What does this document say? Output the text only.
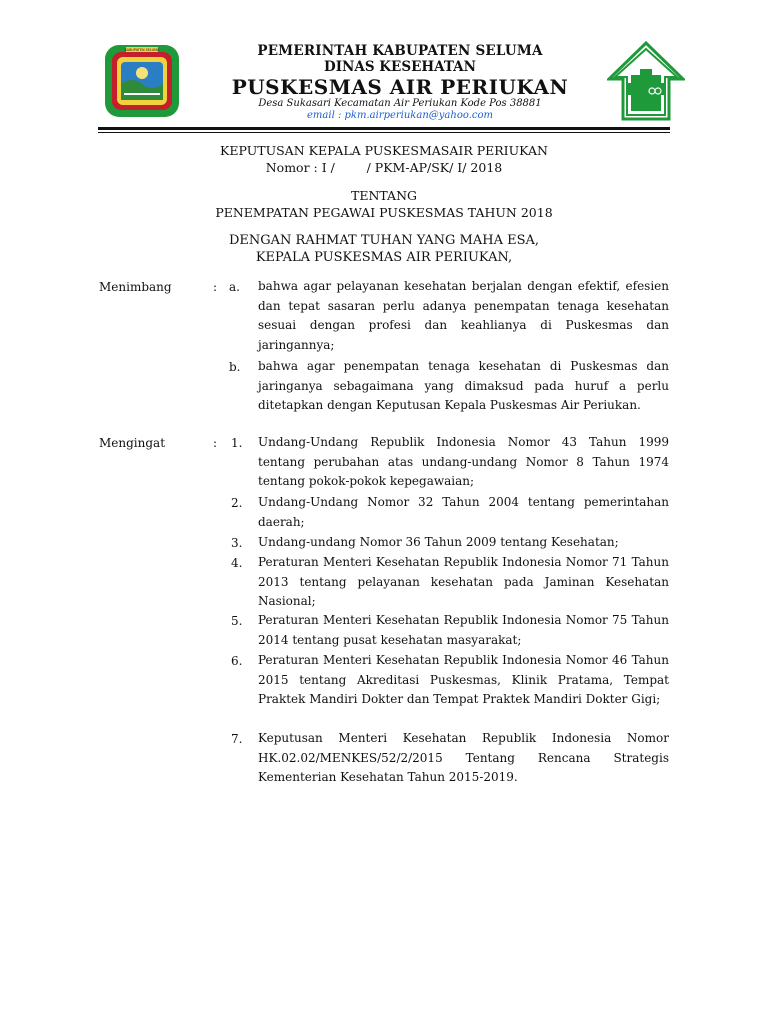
KABUPATEN SELUMA	PEMERINTAH KABUPATEN SELUMA
DINAS KESEHATAN
PUSKESMAS AIR PERIUKAN
Desa Sukasari Kecamatan Air Periukan Kode Pos 38881
email : pkm.airperiukan@yahoo.com
KEPUTUSAN KEPALA PUSKESMASAIR PERIUKAN
Nomor : I /        / PKM-AP/SK/ I/ 2018
TENTANG
PENEMPATAN PEGAWAI PUSKESMAS TAHUN 2018
DENGAN RAHMAT TUHAN YANG MAHA ESA,
KEPALA PUSKESMAS AIR PERIUKAN,
Menimbang	: a. bahwa agar pelayanan kesehatan berjalan dengan efektif, efesien dan tepat sasaran perlu adanya penempatan tenaga kesehatan sesuai dengan profesi dan keahlianya di Puskesmas dan jaringannya;
b. bahwa agar penempatan tenaga kesehatan di Puskesmas dan jaringanya sebagaimana yang dimaksud pada huruf a perlu ditetapkan dengan Keputusan Kepala Puskesmas Air Periukan.
Mengingat	: 1. Undang-Undang Republik Indonesia Nomor 43 Tahun 1999 tentang perubahan atas undang-undang Nomor 8 Tahun 1974 tentang pokok-pokok kepegawaian;
2. Undang-Undang Nomor 32 Tahun 2004 tentang pemerintahan daerah;
3. Undang-undang Nomor 36 Tahun 2009 tentang Kesehatan;
4. Peraturan Menteri Kesehatan Republik Indonesia Nomor 71 Tahun 2013 tentang pelayanan kesehatan pada Jaminan Kesehatan Nasional;
5. Peraturan Menteri Kesehatan Republik Indonesia Nomor 75 Tahun 2014 tentang pusat kesehatan masyarakat;
6. Peraturan Menteri Kesehatan Republik Indonesia Nomor 46 Tahun 2015 tentang Akreditasi Puskesmas, Klinik Pratama, Tempat Praktek Mandiri Dokter dan Tempat Praktek Mandiri Dokter Gigi;
7. Keputusan Menteri Kesehatan Republik Indonesia Nomor HK.02.02/MENKES/52/2/2015 Tentang Rencana Strategis Kementerian Kesehatan Tahun 2015-2019.
